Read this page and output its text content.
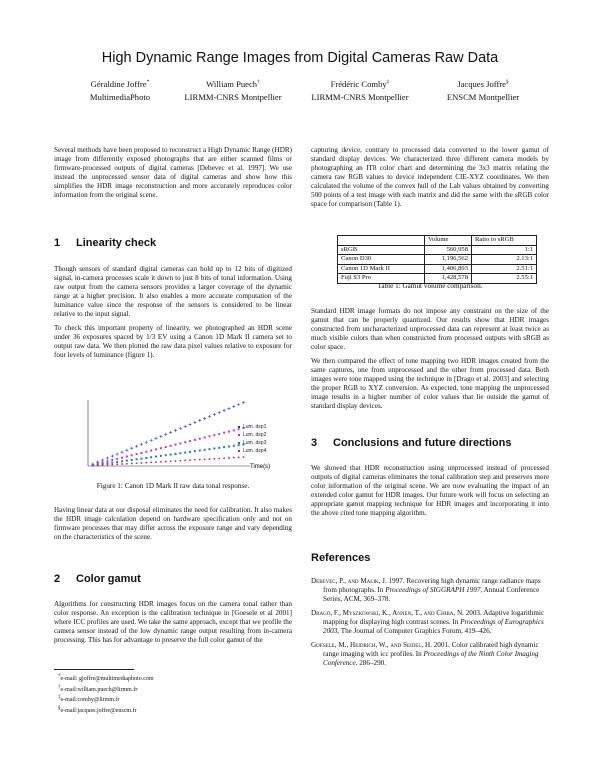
High Dynamic Range Images from Digital Cameras Raw Data
Géraldine Joffre*
MultimediaPhoto
William Puech†
LIRMM-CNRS Montpellier
Frédéric Comby‡
LIRMM-CNRS Montpellier
Jacques Joffre§
ENSCM Montpellier

Several methods have been proposed to reconstruct a High Dynamic Range (HDR) image from differently exposed photographs that are either scanned films or firmware-processed outputs of digital cameras [Debevec et al. 1997]. We use instead the unprocessed sensor data of digital cameras and show how this simplifies the HDR image reconstruction and more accurately reproduces color information from the original scene.

1 Linearity check

Though sensors of standard digital cameras can hold up to 12 bits of digitized signal, in-camera processes scale it down to just 8 bits of tonal information. Using raw output from the camera sensors provides a larger coverage of the dynamic range at a higher precision. It also enables a more accurate computation of the luminance value since the response of the sensors is considered to be linear relative to the input signal.

To check this important property of linearity, we photographed an HDR scene under 36 exposures spaced by 1/3 EV using a Canon 1D Mark II camera set to output raw data. We then plotted the raw data pixel values relative to exposure for four levels of luminance (figure 1).

Lum. dsp1
Lum. dsp2
Lum. dsp3
Lum. dsp4
Time(s)
Figure 1: Canon 1D Mark II raw data tonal response.

Having linear data at our disposal eliminates the need for calibration. It also makes the HDR image calculation depend on hardware specification only and not on firmware processes that may differ across the exposure range and vary depending on the characteristics of the scene.

2 Color gamut

Algorithms for constructing HDR images focus on the camera tonal rather than color response. An exception is the calibration technique in [Goesele et al 2001] where ICC profiles are used. We take the same approach, except that we profile the camera sensor instead of the low dynamic range output resulting from in-camera processing. This has for advantage to preserve the full color gamut of the

*e-mail: gjoffre@multimediaphoto.com
†e-mail:william.puech@lirmm.fr
‡e-mail:comby@lirmm.fr
§e-mail:jacques.joffre@enscm.fr

capturing device, contrary to processed data converted to the lower gamut of standard display devices. We characterized three different camera models by photographing an IT8 color chart and determining the 3x3 matrix relating the camera raw RGB values to device independent CIE-XYZ coordinates. We then calculated the volume of the convex hull of the Lab values obtained by converting 500 points of a test image with each matrix and did the same with the sRGB color space for comparison (Table 1).

	Volume	Ratio to sRGB
sRGB	560,958	1:1
Canon D30	1,196,562	2.13:1
Canon 1D Mark II	1,406,893	2.51:1
Fuji S3 Pro	1,428,578	2.55:1
Table 1: Gamut volume comparison.

Standard HDR image formats do not impose any constraint on the size of the gamut that can be properly quantized. Our results show that HDR images constructed from uncharacterized unprocessed data can represent at least twice as much visible colors than when constructed from processed outputs with sRGB as color space.

We then compared the effect of tone mapping two HDR images created from the same captures, one from unprocessed and the other from processed data. Both images were tone mapped using the technique in [Drago et al. 2003] and selecting the proper RGB to XYZ conversion. As expected, tone mapping the unprocessed image results in a higher number of color values that lie outside the gamut of standard display devices.

3 Conclusions and future directions

We showed that HDR reconstruction using unprocessed instead of processed outputs of digital cameras eliminates the tonal calibration step and preserves more color information of the original scene. We are now evaluating the impact of an extended color gamut for HDR images. Our future work will focus on selecting an appropriate gamut mapping technique for HDR images and incorporating it into the above cited tone mapping algorithm.

References

Debevec, P., and Malik, J. 1997. Recovering high dynamic range radiance maps from photographs. In Proceedings of SIGGRAPH 1997, Annual Conference Series, ACM, 369–378.

Drago, F., Myszkowski, K., Annen, T., and Chiba, N. 2003. Adaptive logarithmic mapping for displaying high contrast scenes. In Proceedings of Eurographics 2003, The Journal of Computer Graphics Forum, 419–426.

Goesele, M., Heidrich, W., and Seidel, H. 2001. Color calibrated high dynamic range imaging with icc profiles. In Proceedings of the Ninth Color Imaging Conference, 286–290.
